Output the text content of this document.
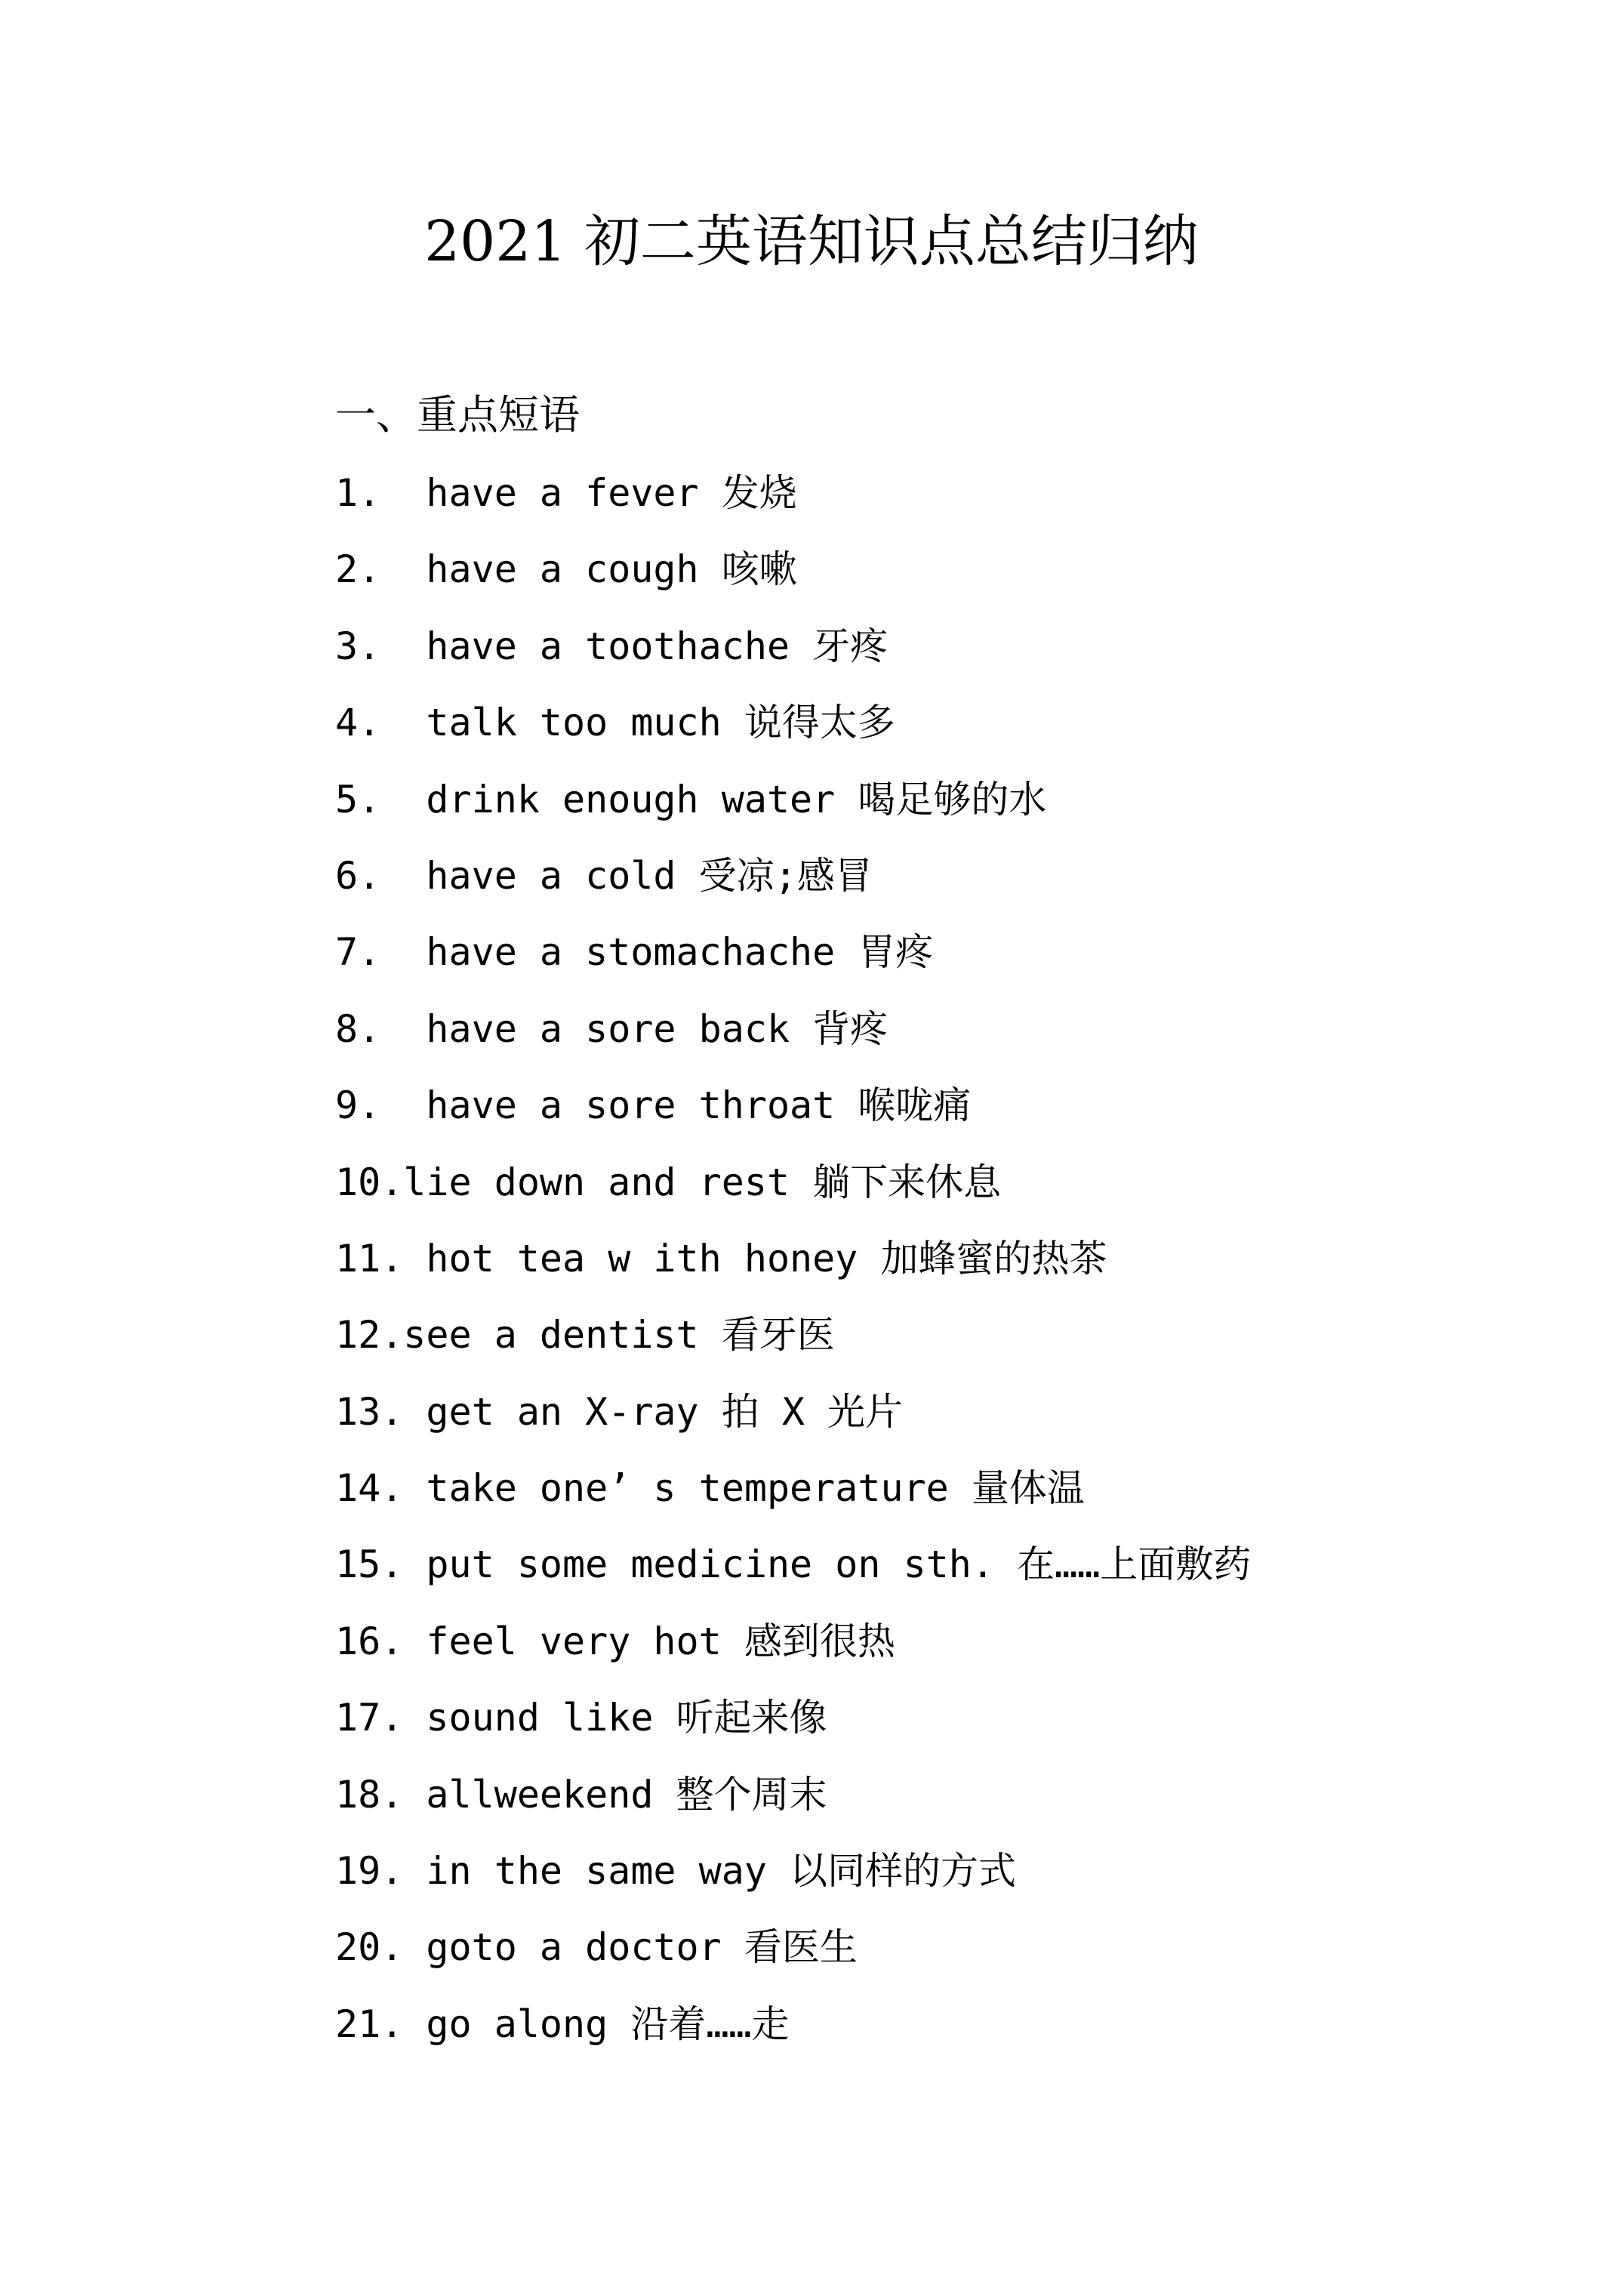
2021 初二英语知识点总结归纳
一、重点短语
1.  have a fever 发烧
2.  have a cough 咳嗽
3.  have a toothache 牙疼
4.  talk too much 说得太多
5.  drink enough water 喝足够的水
6.  have a cold 受凉;感冒
7.  have a stomachache 胃疼
8.  have a sore back 背疼
9.  have a sore throat 喉咙痛
10.lie down and rest 躺下来休息
11. hot tea w ith honey 加蜂蜜的热茶
12.see a dentist 看牙医
13. get an X-ray 拍 X 光片
14. take one’ s temperature 量体温
15. put some medicine on sth. 在……上面敷药
16. feel very hot 感到很热
17. sound like 听起来像
18. allweekend 整个周末
19. in the same way 以同样的方式
20. goto a doctor 看医生
21. go along 沿着……走
